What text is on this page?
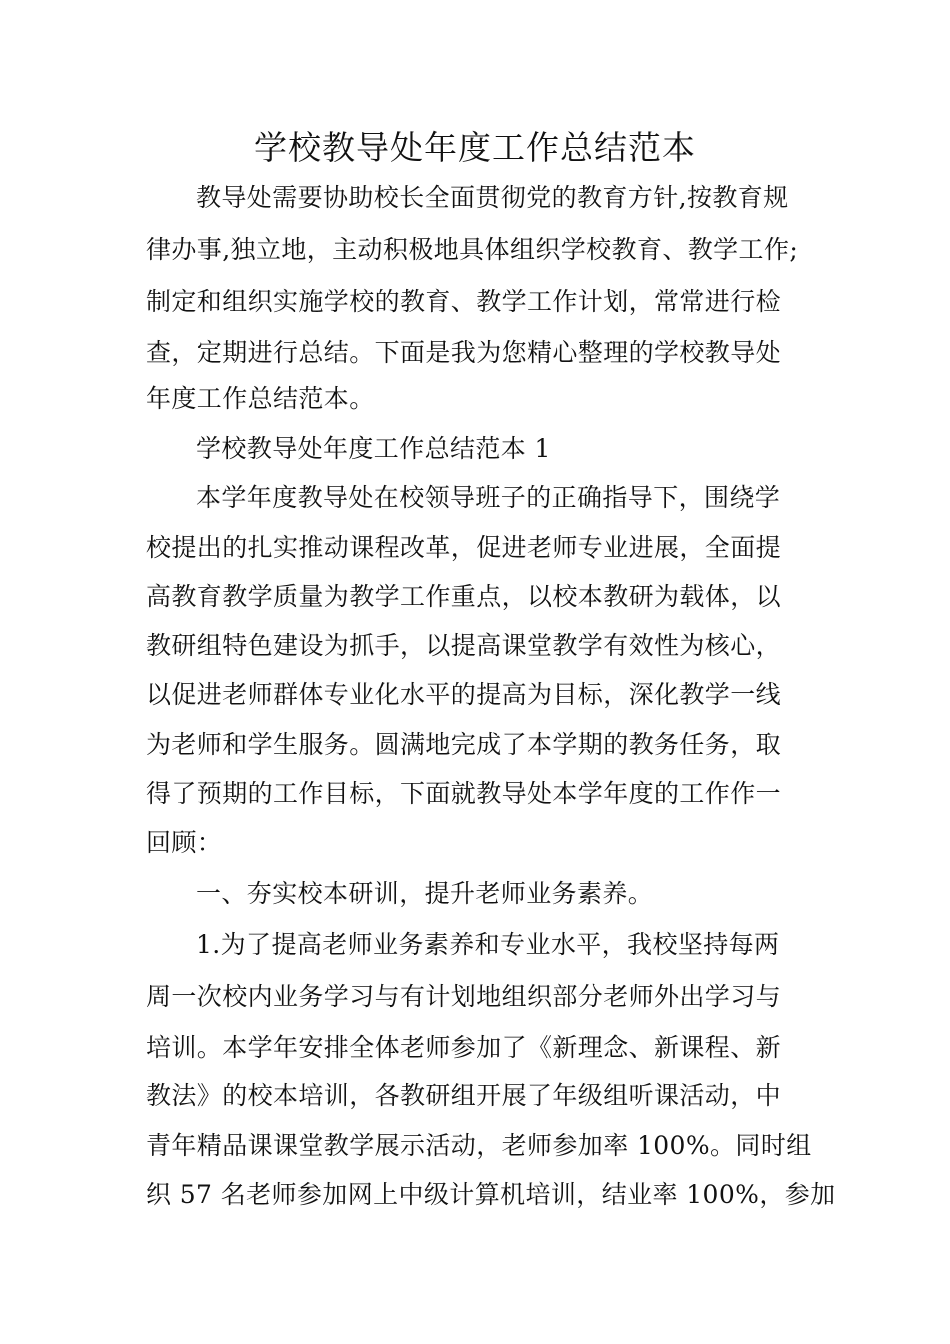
学校教导处年度工作总结范本

教导处需要协助校长全面贯彻党的教育方针,按教育规

律办事,独立地，主动积极地具体组织学校教育、教学工作;

制定和组织实施学校的教育、教学工作计划，常常进行检

查，定期进行总结。下面是我为您精心整理的学校教导处

年度工作总结范本。

学校教导处年度工作总结范本 1

本学年度教导处在校领导班子的正确指导下，围绕学

校提出的扎实推动课程改革，促进老师专业进展，全面提

高教育教学质量为教学工作重点，以校本教研为载体，以

教研组特色建设为抓手，以提高课堂教学有效性为核心，

以促进老师群体专业化水平的提高为目标，深化教学一线

为老师和学生服务。圆满地完成了本学期的教务任务，取

得了预期的工作目标，下面就教导处本学年度的工作作一

回顾：

一、夯实校本研训，提升老师业务素养。

1.为了提高老师业务素养和专业水平，我校坚持每两

周一次校内业务学习与有计划地组织部分老师外出学习与

培训。本学年安排全体老师参加了《新理念、新课程、新

教法》的校本培训，各教研组开展了年级组听课活动，中

青年精品课课堂教学展示活动，老师参加率 100%。同时组

织 57 名老师参加网上中级计算机培训，结业率 100%，参加
